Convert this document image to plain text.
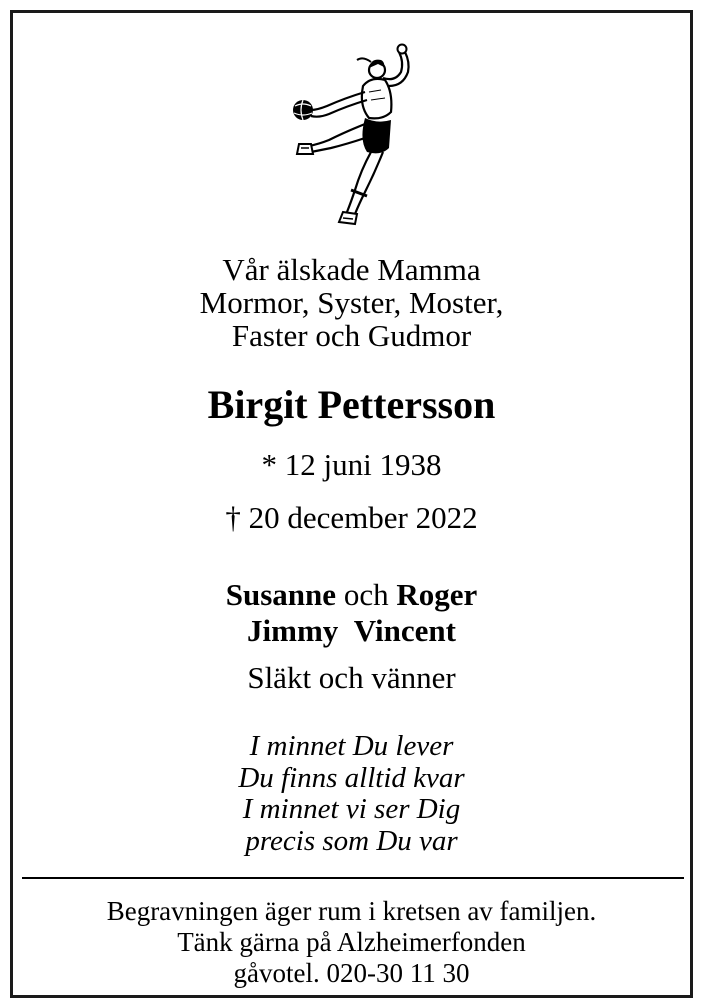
Vår älskade Mamma
Mormor, Syster, Moster,
Faster och Gudmor
Birgit Pettersson
* 12 juni 1938
† 20 december 2022
Susanne och Roger
Jimmy Vincent
Släkt och vänner
I minnet Du lever
Du finns alltid kvar
I minnet vi ser Dig
precis som Du var
Begravningen äger rum i kretsen av familjen.
Tänk gärna på Alzheimerfonden
gåvotel. 020-30 11 30
